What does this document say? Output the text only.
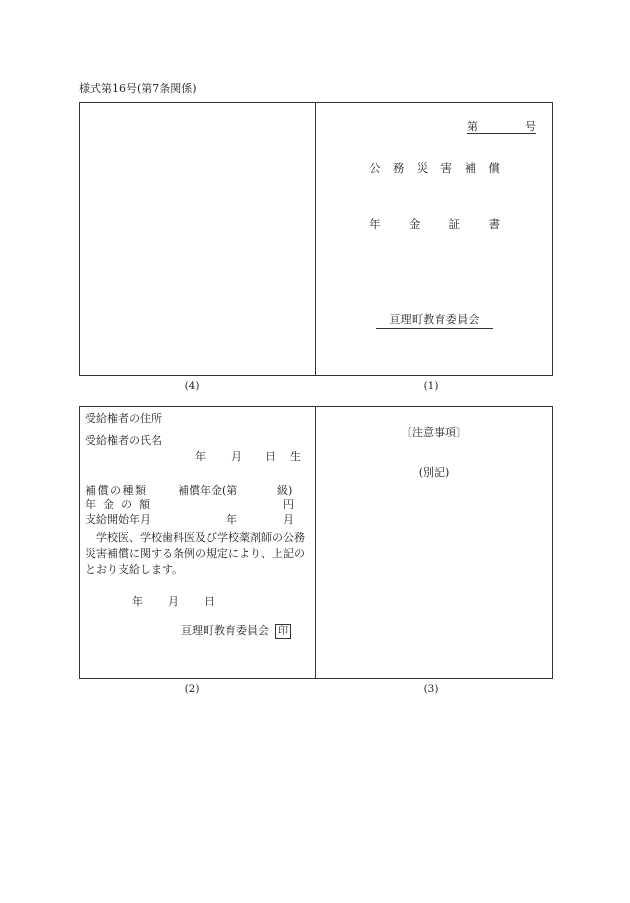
様式第16号(第7条関係)
第	号
公 務 災 害 補 償
年 金 証 書
亘理町教育委員会
(4)	(1)
受給権者の住所
受給権者の氏名
年 月 日 生
補償の種類	補償年金(第	級)
年金の額	円
支給開始年月	年	月
学校医、学校歯科医及び学校薬剤師の公務災害補償に関する条例の規定により、上記のとおり支給します。
年 月 日
亘理町教育委員会 印
〔注意事項〕
(別記)
(2)	(3)
